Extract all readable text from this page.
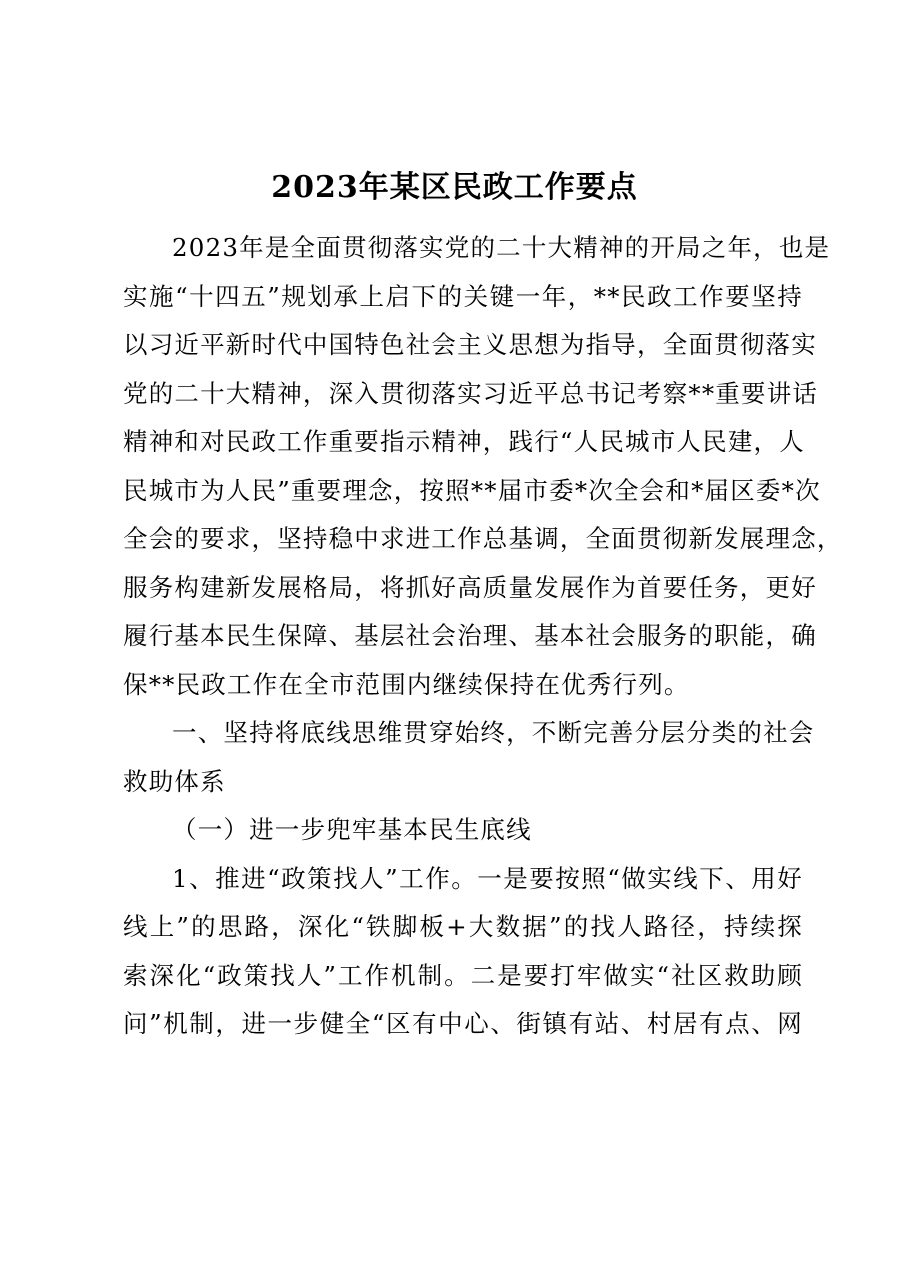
2023年某区民政工作要点
2023年是全面贯彻落实党的二十大精神的开局之年，也是
实施“十四五”规划承上启下的关键一年，**民政工作要坚持
以习近平新时代中国特色社会主义思想为指导，全面贯彻落实
党的二十大精神，深入贯彻落实习近平总书记考察**重要讲话
精神和对民政工作重要指示精神，践行“人民城市人民建，人
民城市为人民”重要理念，按照**届市委*次全会和*届区委*次
全会的要求，坚持稳中求进工作总基调，全面贯彻新发展理念，
服务构建新发展格局，将抓好高质量发展作为首要任务，更好
履行基本民生保障、基层社会治理、基本社会服务的职能，确
保**民政工作在全市范围内继续保持在优秀行列。
一、坚持将底线思维贯穿始终，不断完善分层分类的社会
救助体系
（一）进一步兜牢基本民生底线
1、推进“政策找人”工作。一是要按照“做实线下、用好
线上”的思路，深化“铁脚板+大数据”的找人路径，持续探
索深化“政策找人”工作机制。二是要打牢做实“社区救助顾
问”机制，进一步健全“区有中心、街镇有站、村居有点、网
